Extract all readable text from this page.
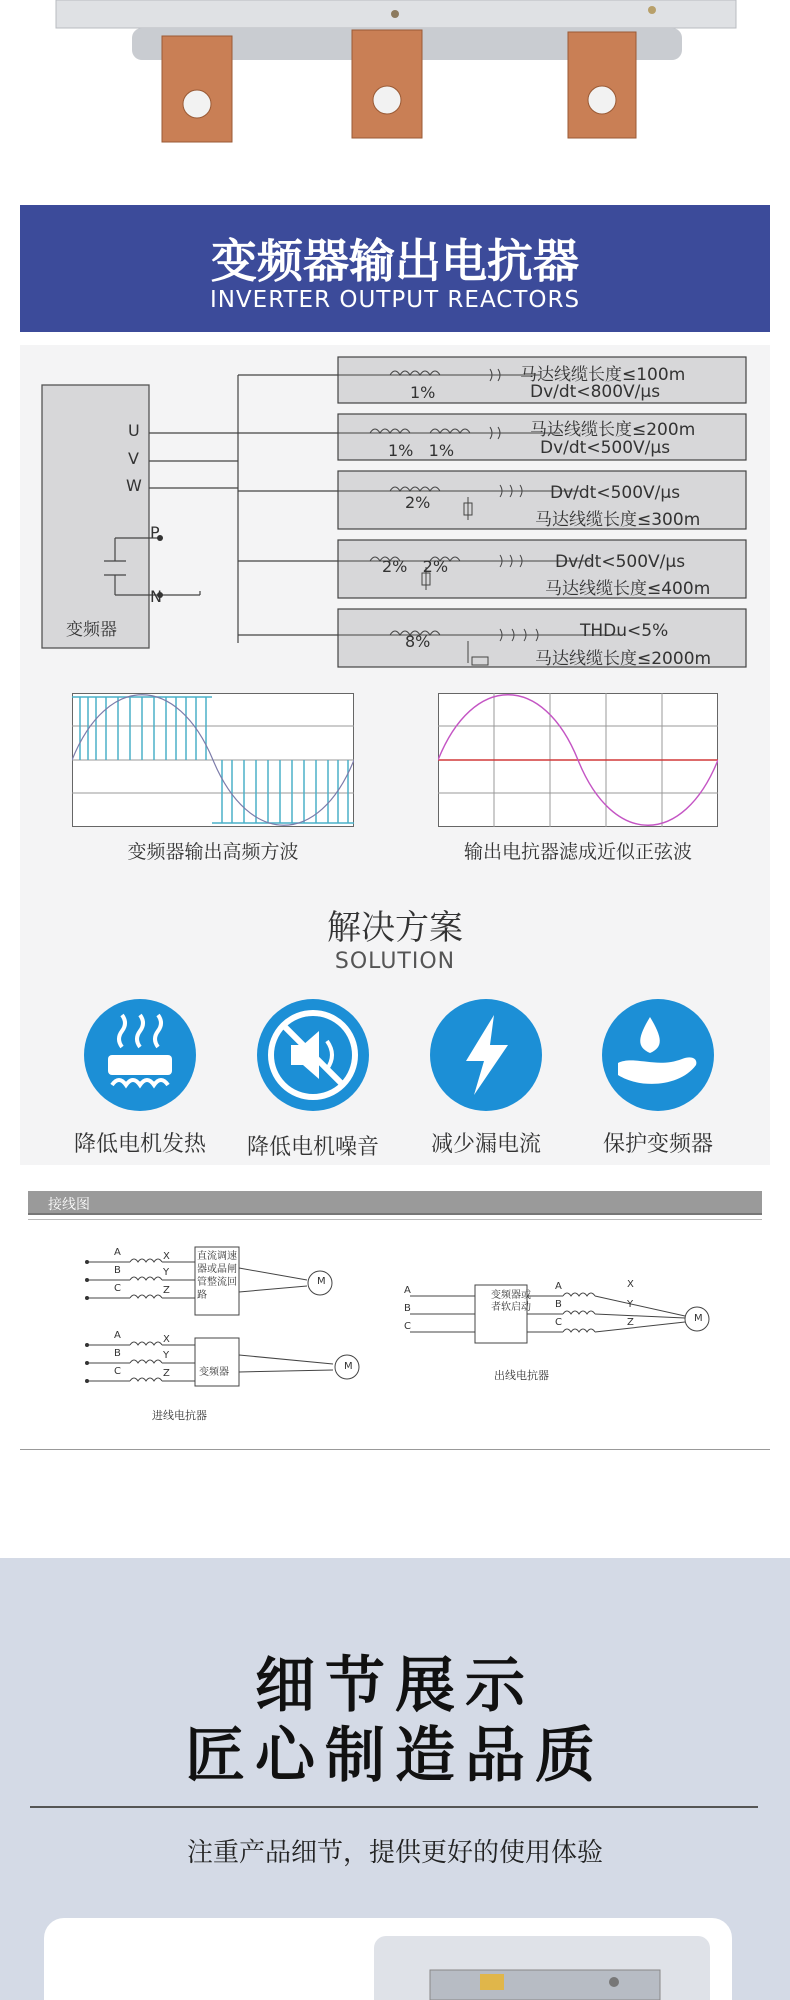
变频器输出电抗器
INVERTER OUTPUT REACTORS
变频器
U
V
W
P
N
1%
马达线缆长度≤100m
Dv/dt<800V/μs
1%   1%
马达线缆长度≤200m
Dv/dt<500V/μs
2%	Dv/dt<500V/μs
马达线缆长度≤300m
2%   2%	Dv/dt<500V/μs
马达线缆长度≤400m
8%
THDu<5%
马达线缆长度≤2000m
变频器输出高频方波	输出电抗器滤成近似正弦波
解决方案
SOLUTION
降低电机发热	降低电机噪音	减少漏电流	保护变频器
接线图
A
B
C
X
Y
Z
直流调速器或晶闸管整流回路
M
A
B
C
X
Y
Z	变频器
M
进线电抗器
A
B
C
变频器或者软启动
A
B
C
X
Y
Z	M
出线电抗器
细节展示
匠心制造品质
注重产品细节，提供更好的使用体验
